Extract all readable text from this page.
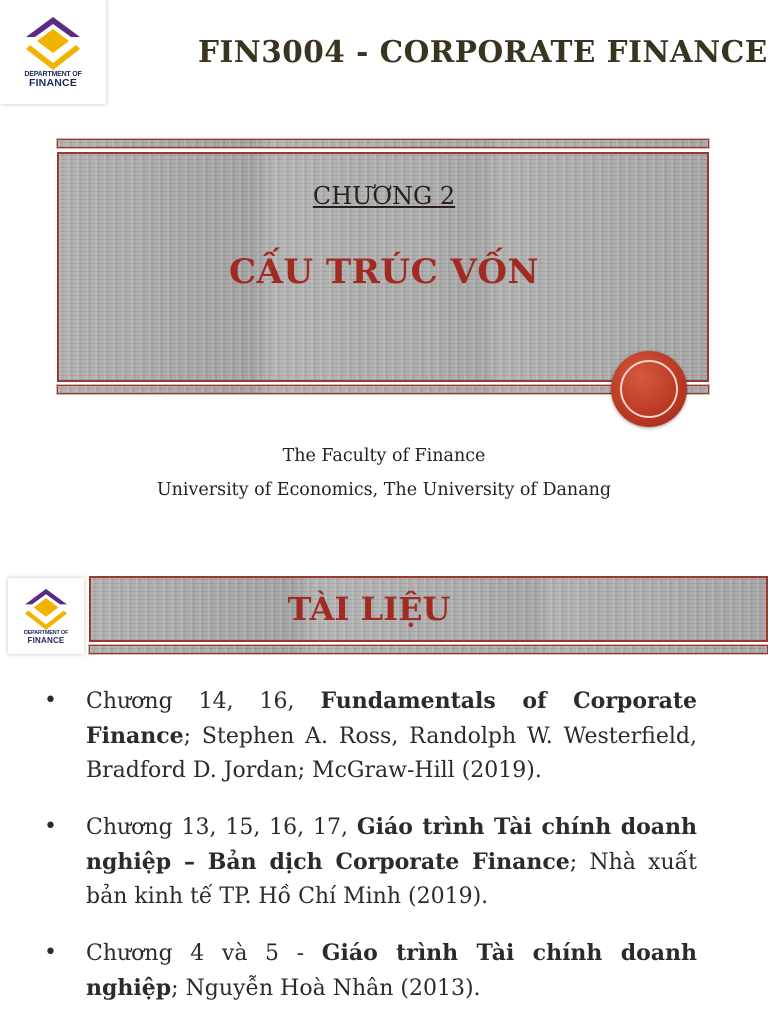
DEPARTMENT OF
FINANCE
FIN3004 - CORPORATE FINANCE
CHƯƠNG 2
CẤU TRÚC VỐN
The Faculty of Finance
University of Economics, The University of Danang
DEPARTMENT OF
FINANCE
TÀI LIỆU
• Chương 14, 16, Fundamentals of Corporate Finance; Stephen A. Ross, Randolph W. Westerfield, Bradford D. Jordan; McGraw-Hill (2019).
• Chương 13, 15, 16, 17, Giáo trình Tài chính doanh nghiệp – Bản dịch Corporate Finance; Nhà xuất bản kinh tế TP. Hồ Chí Minh (2019).
• Chương 4 và 5 - Giáo trình Tài chính doanh nghiệp; Nguyễn Hoà Nhân (2013).
